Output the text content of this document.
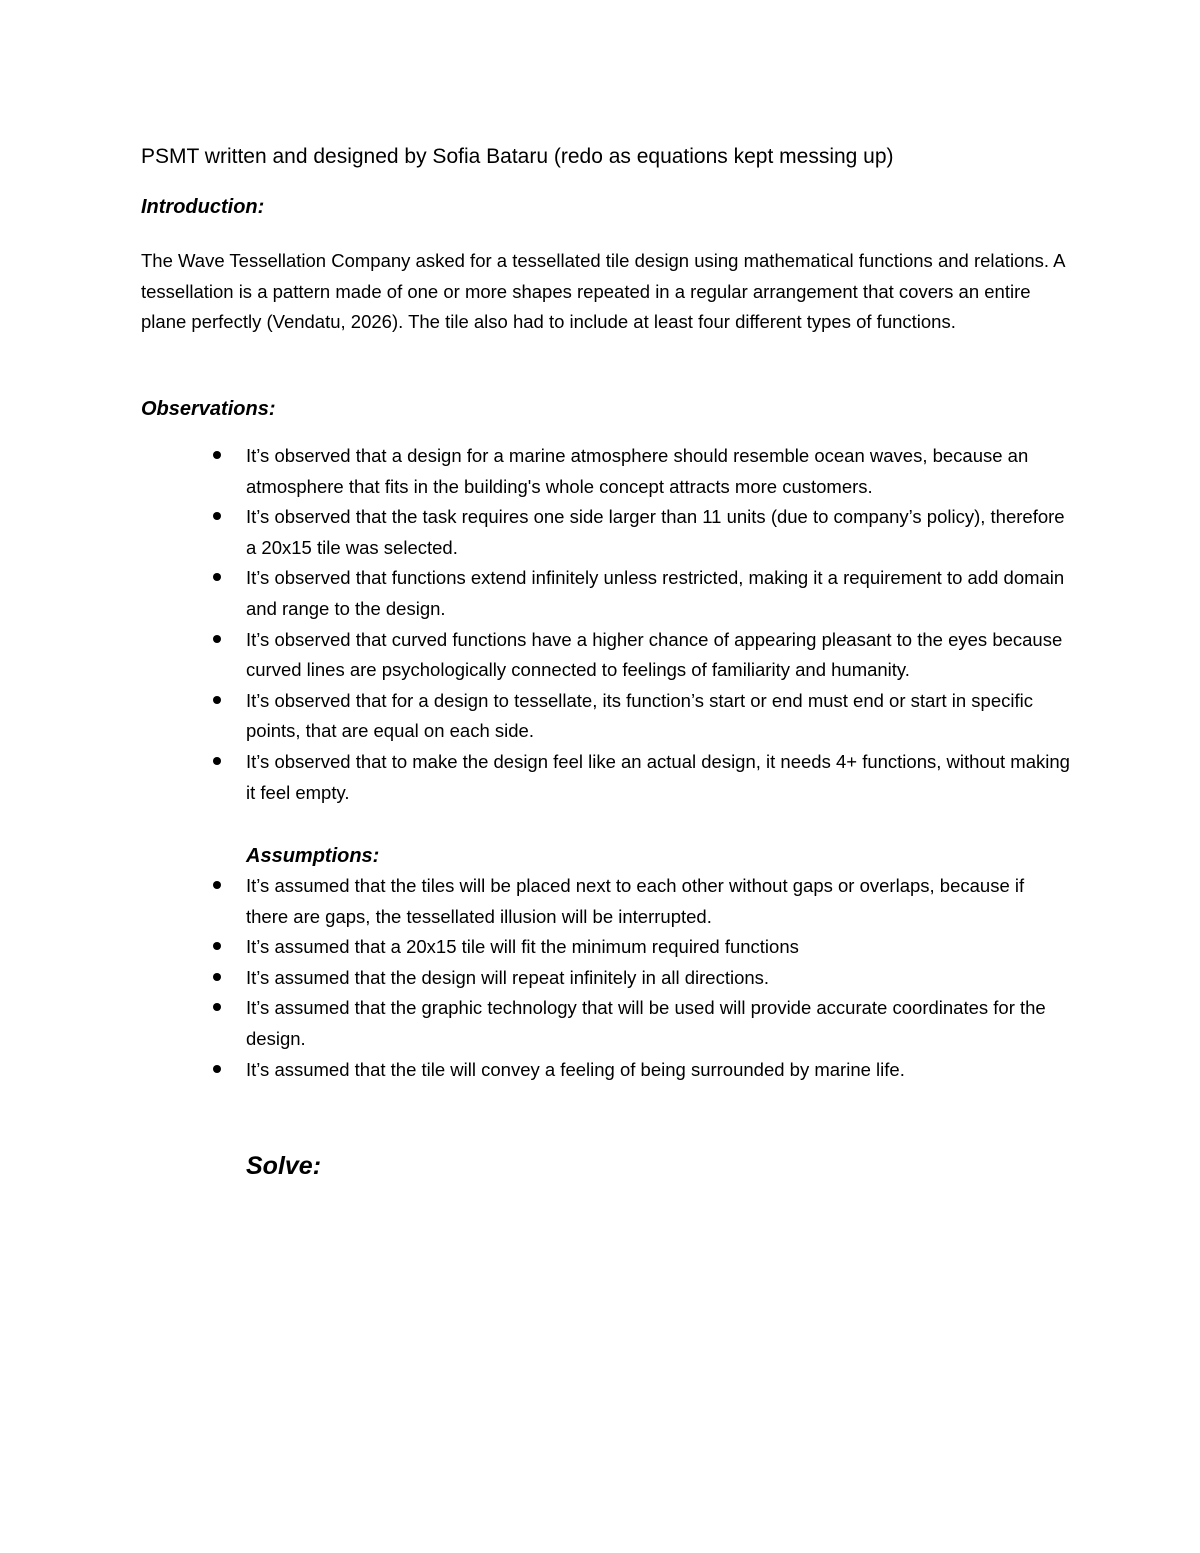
PSMT written and designed by Sofia Bataru (redo as equations kept messing up)
Introduction:

The Wave Tessellation Company asked for a tessellated tile design using mathematical functions and relations. A tessellation is a pattern made of one or more shapes repeated in a regular arrangement that covers an entire plane perfectly (Vendatu, 2026). The tile also had to include at least four different types of functions.

Observations:
It’s observed that a design for a marine atmosphere should resemble ocean waves, because an atmosphere that fits in the building's whole concept attracts more customers.
It’s observed that the task requires one side larger than 11 units (due to company’s policy), therefore a 20x15 tile was selected.
It’s observed that functions extend infinitely unless restricted, making it a requirement to add domain and range to the design.
It’s observed that curved functions have a higher chance of appearing pleasant to the eyes because curved lines are psychologically connected to feelings of familiarity and humanity.
It’s observed that for a design to tessellate, its function’s start or end must end or start in specific points, that are equal on each side.
It’s observed that to make the design feel like an actual design, it needs 4+ functions, without making it feel empty.
Assumptions:
It’s assumed that the tiles will be placed next to each other without gaps or overlaps, because if there are gaps, the tessellated illusion will be interrupted.
It’s assumed that a 20x15 tile will fit the minimum required functions
It’s assumed that the design will repeat infinitely in all directions.
It’s assumed that the graphic technology that will be used will provide accurate coordinates for the design.
It’s assumed that the tile will convey a feeling of being surrounded by marine life.
Solve:
